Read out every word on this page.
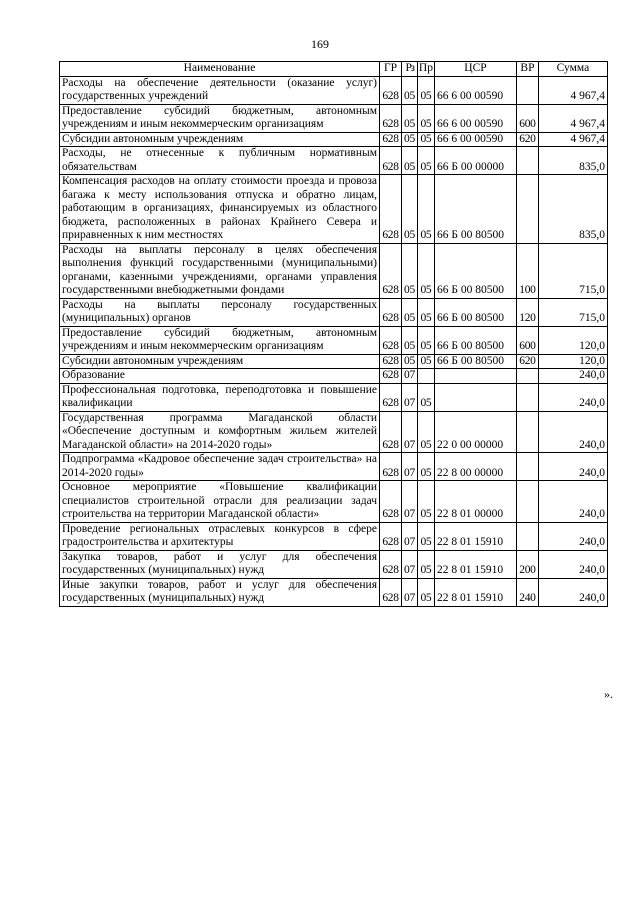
169
Наименование	ГР	Рз	Пр	ЦСР	ВР	Сумма
Расходы на обеспечение деятельности (оказание услуг) государственных учреждений	628	05	05	66 6 00 00590		4 967,4
Предоставление субсидий бюджетным, автономным учреждениям и иным некоммерческим организациям	628	05	05	66 6 00 00590	600	4 967,4
Субсидии автономным учреждениям	628	05	05	66 6 00 00590	620	4 967,4
Расходы, не отнесенные к публичным нормативным обязательствам	628	05	05	66 Б 00 00000		835,0
Компенсация расходов на оплату стоимости проезда и провоза багажа к месту использования отпуска и обратно лицам, работающим в организациях, финансируемых из областного бюджета, расположенных в районах Крайнего Севера и приравненных к ним местностях	628	05	05	66 Б 00 80500		835,0
Расходы на выплаты персоналу в целях обеспечения выполнения функций государственными (муниципальными) органами, казенными учреждениями, органами управления государственными внебюджетными фондами	628	05	05	66 Б 00 80500	100	715,0
Расходы на выплаты персоналу государственных (муниципальных) органов	628	05	05	66 Б 00 80500	120	715,0
Предоставление субсидий бюджетным, автономным учреждениям и иным некоммерческим организациям	628	05	05	66 Б 00 80500	600	120,0
Субсидии автономным учреждениям	628	05	05	66 Б 00 80500	620	120,0
Образование	628	07				240,0
Профессиональная подготовка, переподготовка и повышение квалификации	628	07	05			240,0
Государственная программа Магаданской области «Обеспечение доступным и комфортным жильем жителей Магаданской области» на 2014-2020 годы»	628	07	05	22 0 00 00000		240,0
Подпрограмма «Кадровое обеспечение задач строительства» на 2014-2020 годы»	628	07	05	22 8 00 00000		240,0
Основное мероприятие «Повышение квалификации специалистов строительной отрасли для реализации задач строительства на территории Магаданской области»	628	07	05	22 8 01 00000		240,0
Проведение региональных отраслевых конкурсов в сфере градостроительства и архитектуры	628	07	05	22 8 01 15910		240,0
Закупка товаров, работ и услуг для обеспечения государственных (муниципальных) нужд	628	07	05	22 8 01 15910	200	240,0
Иные закупки товаров, работ и услуг для обеспечения государственных (муниципальных) нужд	628	07	05	22 8 01 15910	240	240,0
».
